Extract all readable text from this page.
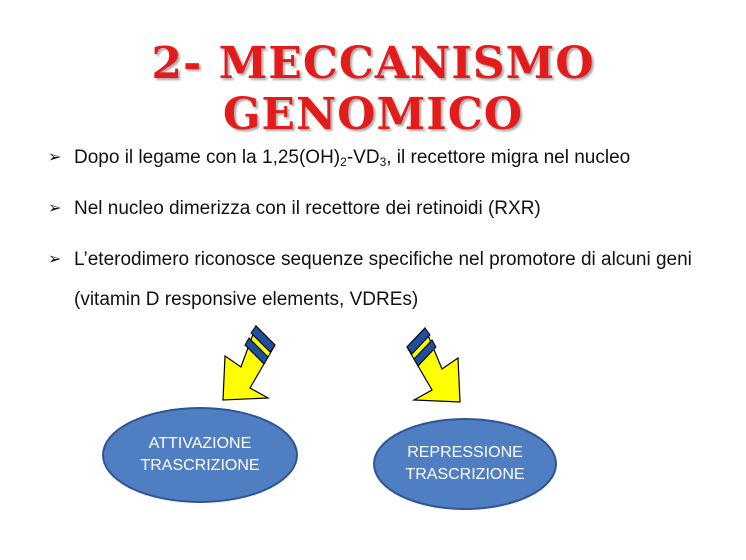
2- MECCANISMO GENOMICO
➢ Dopo il legame con la $1,25(OH)_2-VD_3$, il recettore migra nel nucleo
➢ Nel nucleo dimerizza con il recettore dei retinoidi (RXR)
➢ L’eterodimero riconosce sequenze specifiche nel promotore di alcuni geni (vitamin D responsive elements, VDREs)
ATTIVAZIONE
TRASCRIZIONE
REPRESSIONE
TRASCRIZIONE
